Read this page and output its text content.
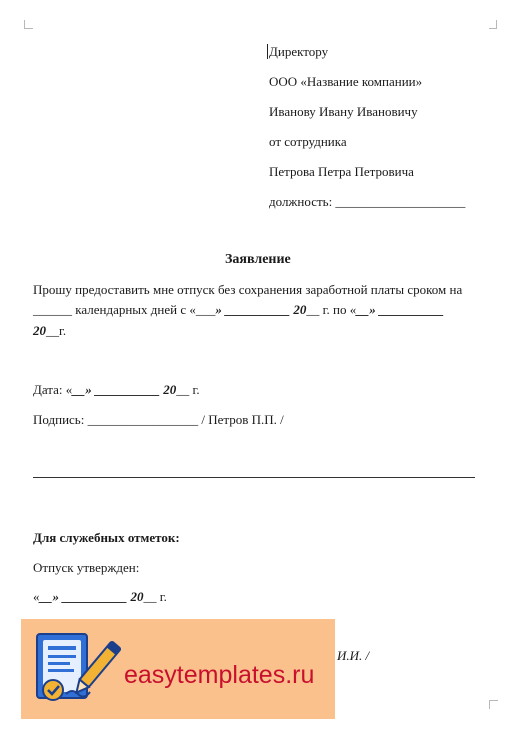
Директору
ООО «Название компании»
Иванову Ивану Ивановичу
от сотрудника
Петрова Петра Петровича
должность: ____________________
Заявление
Прошу предоставить мне отпуск без сохранения заработной платы сроком на
______ календарных дней с «___» __________ 20__ г. по «__» __________
20__г.
Дата: «__» __________ 20__ г.
Подпись: _________________ / Петров П.П. /
Для служебных отметок:
Отпуск утвержден:
«__» __________ 20__ г.
И.И. /
easytemplates.ru
